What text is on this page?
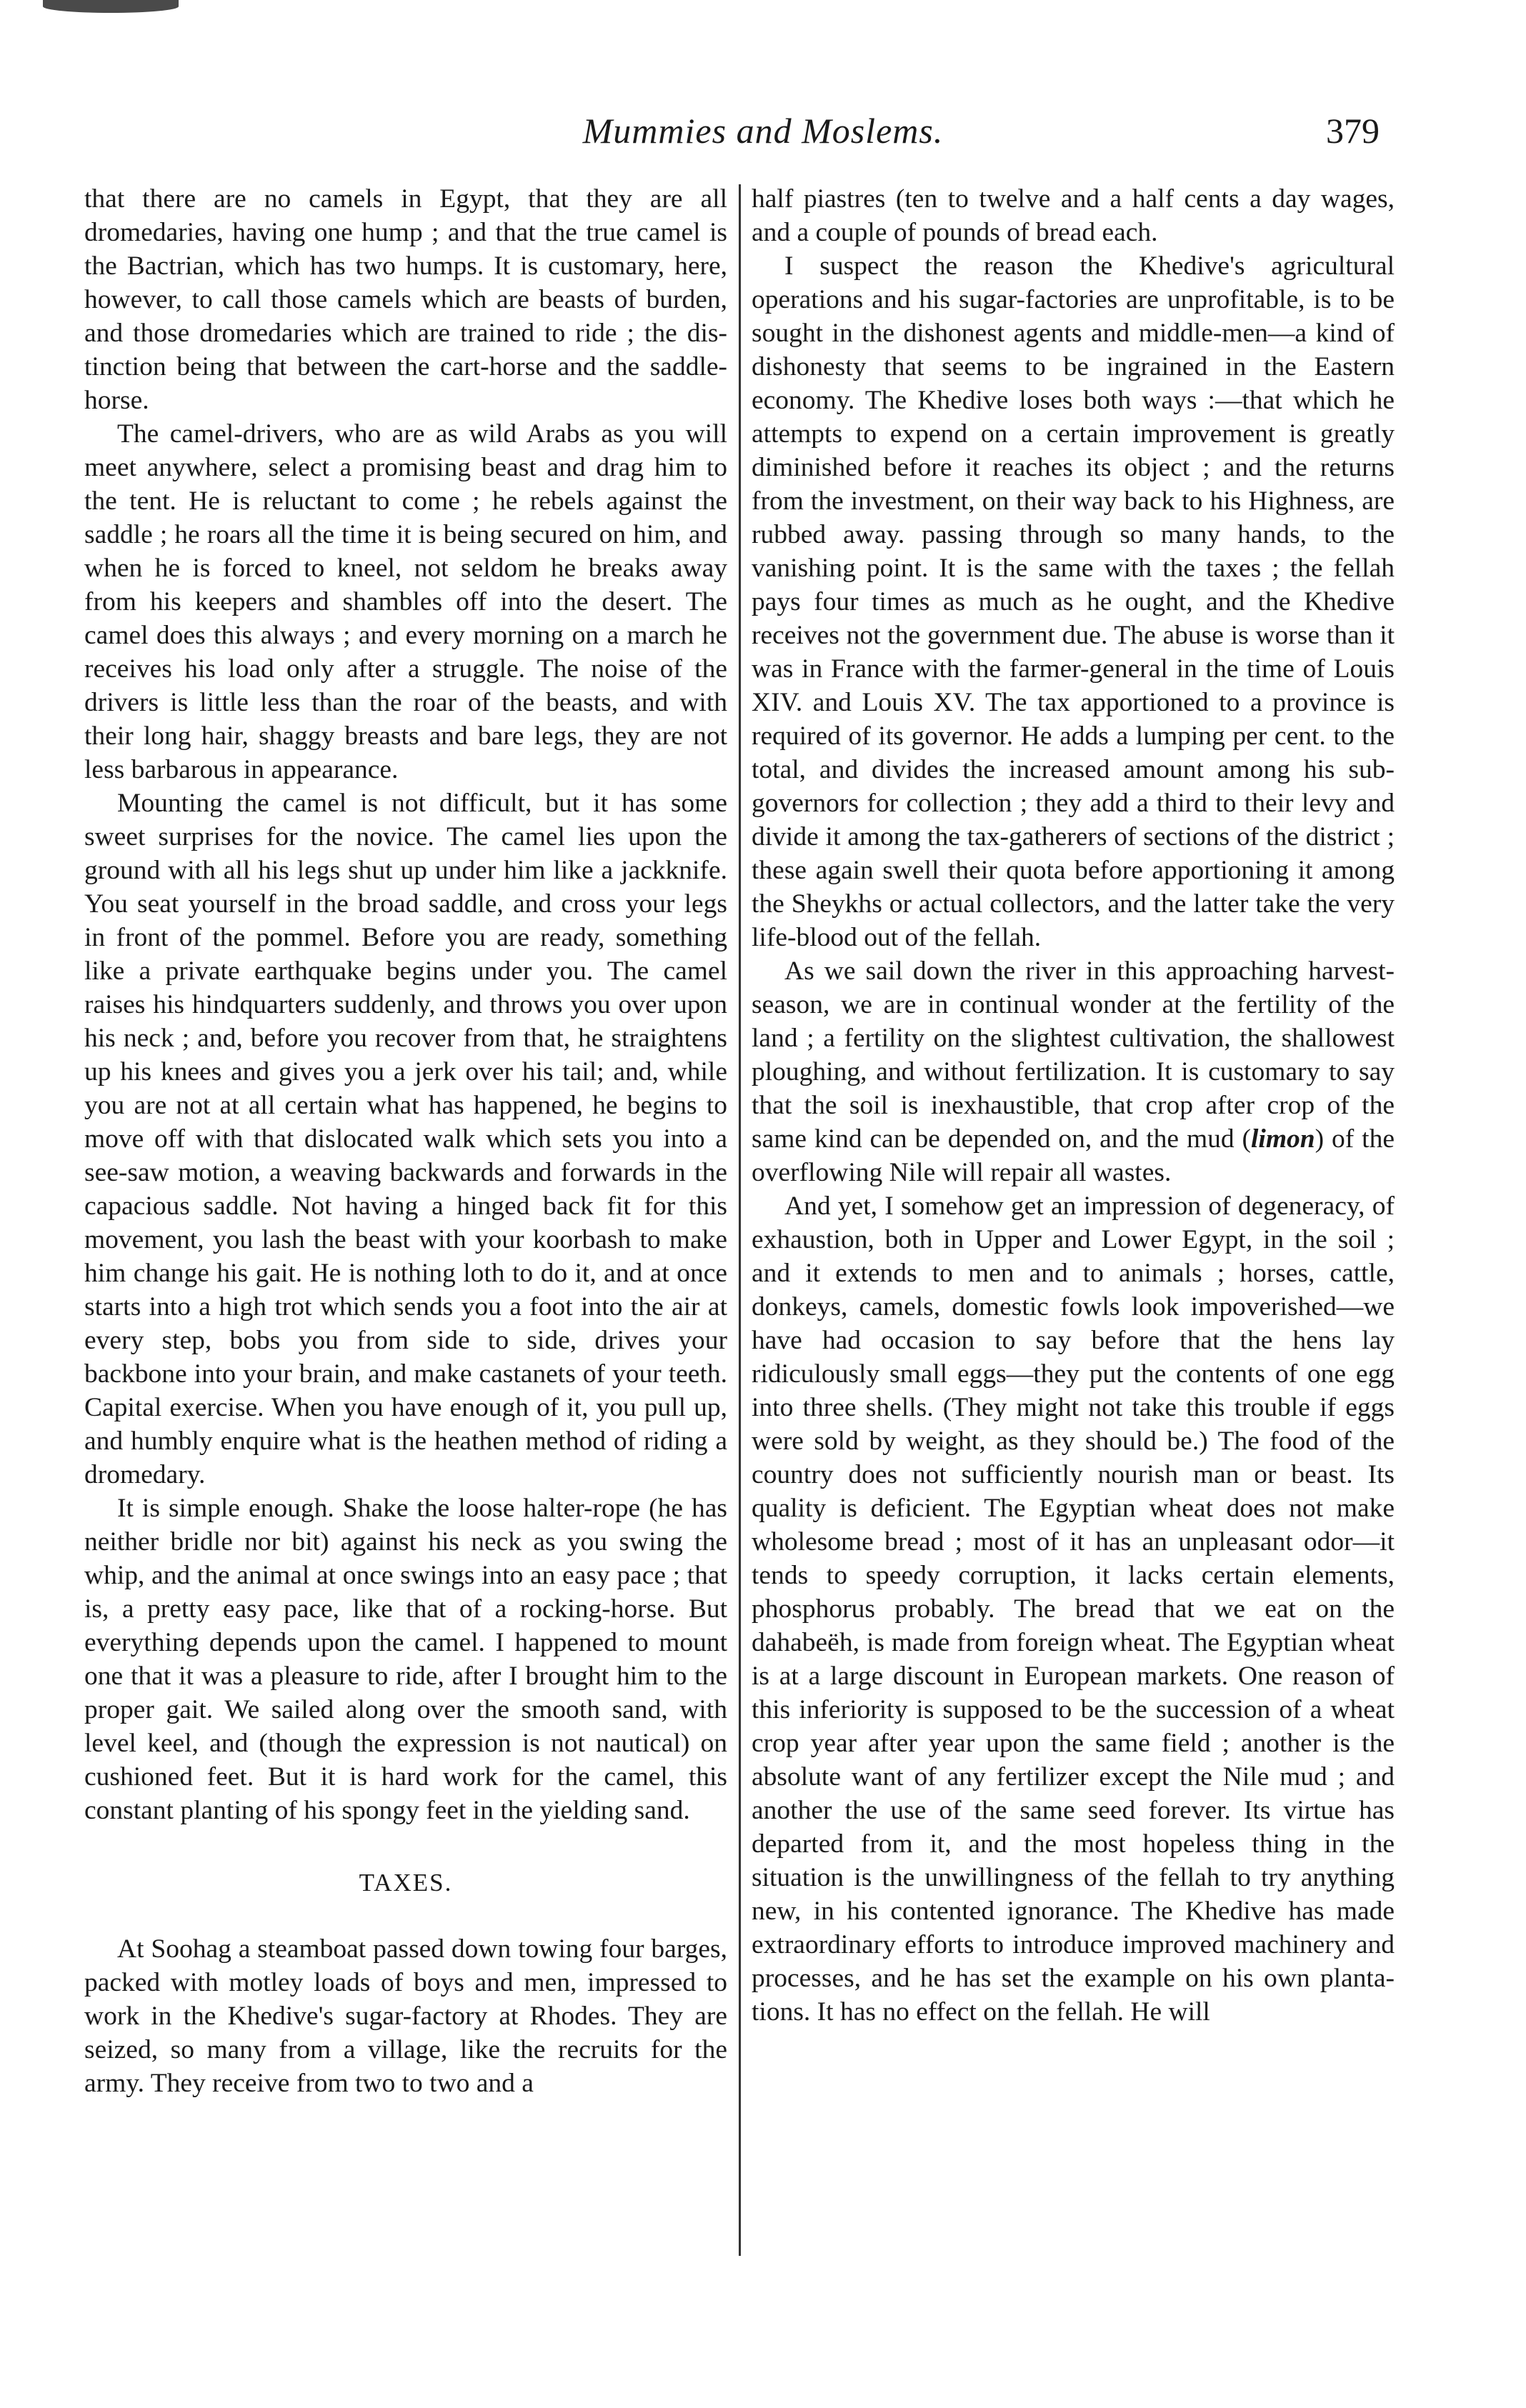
Mummies and Moslems.	379

that there are no camels in Egypt, that they are all dromedaries, having one hump ; and that the true camel is the Bactrian, which has two humps. It is customary, here, however, to call those camels which are beasts of burden, and those dromedaries which are trained to ride ; the distinction being that between the cart-horse and the saddle-horse.

The camel-drivers, who are as wild Arabs as you will meet anywhere, select a promising beast and drag him to the tent. He is reluctant to come ; he rebels against the saddle ; he roars all the time it is being secured on him, and when he is forced to kneel, not seldom he breaks away from his keepers and shambles off into the desert. The camel does this always ; and every morning on a march he receives his load only after a struggle. The noise of the drivers is little less than the roar of the beasts, and with their long hair, shaggy breasts and bare legs, they are not less barbarous in appearance.

Mounting the camel is not difficult, but it has some sweet surprises for the novice. The camel lies upon the ground with all his legs shut up under him like a jackknife. You seat yourself in the broad saddle, and cross your legs in front of the pommel. Before you are ready, something like a private earthquake begins under you. The camel raises his hindquarters suddenly, and throws you over upon his neck ; and, before you recover from that, he straightens up his knees and gives you a jerk over his tail; and, while you are not at all certain what has happened, he begins to move off with that dislocated walk which sets you into a see-saw motion, a weaving backwards and forwards in the capacious saddle. Not having a hinged back fit for this movement, you lash the beast with your koorbash to make him change his gait. He is nothing loth to do it, and at once starts into a high trot which sends you a foot into the air at every step, bobs you from side to side, drives your backbone into your brain, and make castanets of your teeth. Capital exercise. When you have enough of it, you pull up, and humbly enquire what is the heathen method of riding a dromedary.

It is simple enough. Shake the loose halter-rope (he has neither bridle nor bit) against his neck as you swing the whip, and the animal at once swings into an easy pace ; that is, a pretty easy pace, like that of a rocking-horse. But everything depends upon the camel. I happened to mount one that it was a pleasure to ride, after I brought him to the proper gait. We sailed along over the smooth sand, with level keel, and (though the expression is not nautical) on cushioned feet. But it is hard work for the camel, this constant planting of his spongy feet in the yielding sand.

TAXES.

At Soohag a steamboat passed down towing four barges, packed with motley loads of boys and men, impressed to work in the Khedive's sugar-factory at Rhodes. They are seized, so many from a village, like the recruits for the army. They receive from two to two and a

half piastres (ten to twelve and a half cents a day wages, and a couple of pounds of bread each.

I suspect the reason the Khedive's agricultural operations and his sugar-factories are unprofitable, is to be sought in the dishonest agents and middle-men—a kind of dishonesty that seems to be ingrained in the Eastern economy. The Khedive loses both ways :—that which he attempts to expend on a certain improvement is greatly diminished before it reaches its object ; and the returns from the investment, on their way back to his Highness, are rubbed away. passing through so many hands, to the vanishing point. It is the same with the taxes ; the fellah pays four times as much as he ought, and the Khedive receives not the government due. The abuse is worse than it was in France with the farmer-general in the time of Louis XIV. and Louis XV. The tax apportioned to a province is required of its governor. He adds a lumping per cent. to the total, and divides the increased amount among his sub-governors for collection ; they add a third to their levy and divide it among the tax-gatherers of sections of the district ; these again swell their quota before apportioning it among the Sheykhs or actual collectors, and the latter take the very life-blood out of the fellah.

As we sail down the river in this approaching harvest-season, we are in continual wonder at the fertility of the land ; a fertility on the slightest cultivation, the shallowest ploughing, and without fertilization. It is customary to say that the soil is inexhaustible, that crop after crop of the same kind can be depended on, and the mud (limon) of the overflowing Nile will repair all wastes.

And yet, I somehow get an impression of degeneracy, of exhaustion, both in Upper and Lower Egypt, in the soil ; and it extends to men and to animals ; horses, cattle, donkeys, camels, domestic fowls look impoverished—we have had occasion to say before that the hens lay ridiculously small eggs—they put the contents of one egg into three shells. (They might not take this trouble if eggs were sold by weight, as they should be.) The food of the country does not sufficiently nourish man or beast. Its quality is deficient. The Egyptian wheat does not make wholesome bread ; most of it has an unpleasant odor—it tends to speedy corruption, it lacks certain elements, phosphorus probably. The bread that we eat on the dahabeëh, is made from foreign wheat. The Egyptian wheat is at a large discount in European markets. One reason of this inferiority is supposed to be the succession of a wheat crop year after year upon the same field ; another is the absolute want of any fertilizer except the Nile mud ; and another the use of the same seed forever. Its virtue has departed from it, and the most hopeless thing in the situation is the unwillingness of the fellah to try anything new, in his contented ignorance. The Khedive has made extraordinary efforts to introduce improved machinery and processes, and he has set the example on his own plantations. It has no effect on the fellah. He will
